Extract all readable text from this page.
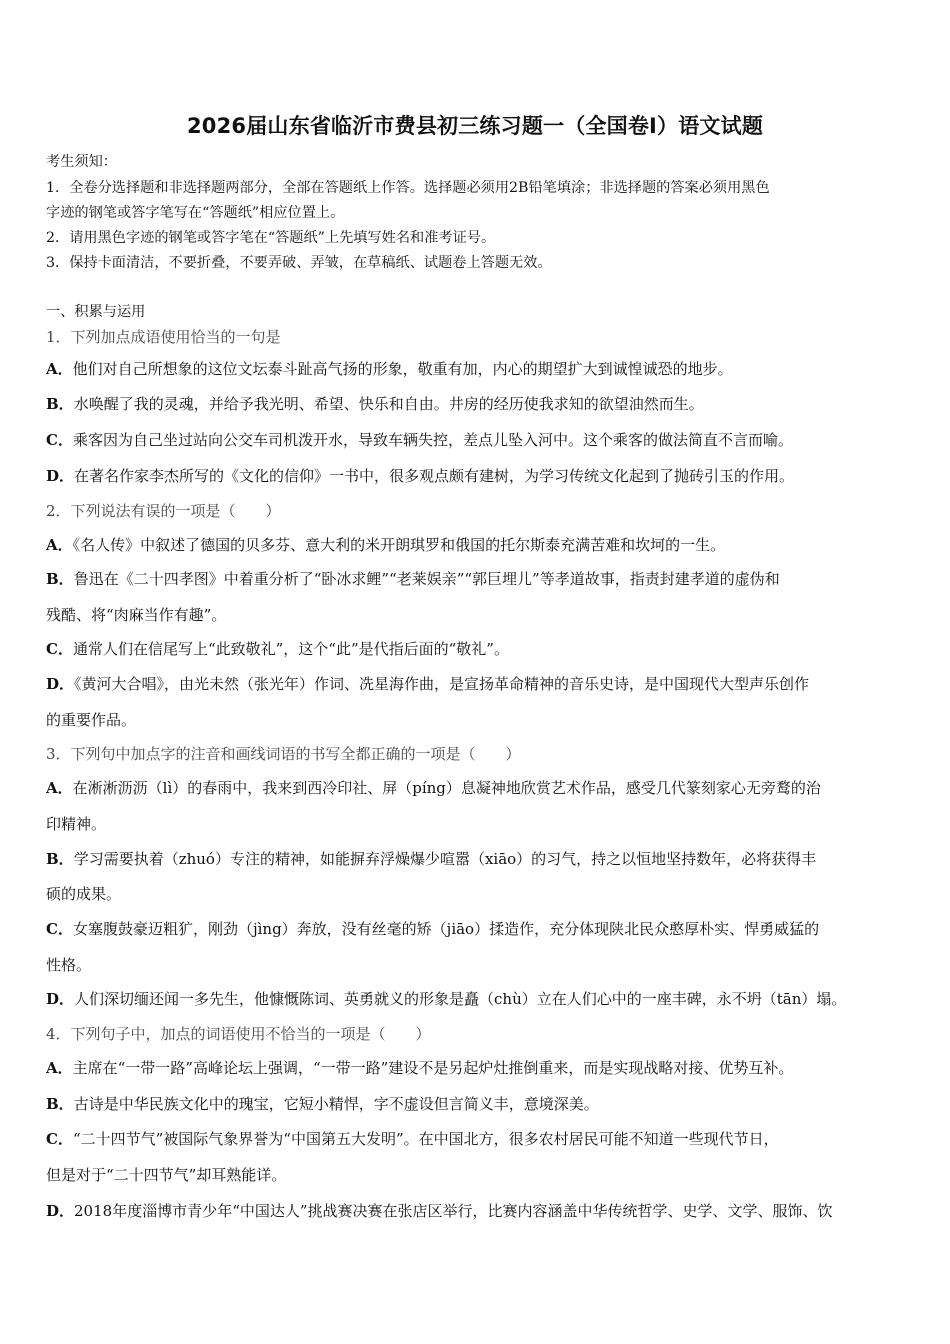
2026届山东省临沂市费县初三练习题一（全国卷Ⅰ）语文试题
考生须知：
1．全卷分选择题和非选择题两部分，全部在答题纸上作答。选择题必须用2B铅笔填涂；非选择题的答案必须用黑色
字迹的钢笔或答字笔写在“答题纸”相应位置上。
2．请用黑色字迹的钢笔或答字笔在“答题纸”上先填写姓名和准考证号。
3．保持卡面清洁，不要折叠，不要弄破、弄皱，在草稿纸、试题卷上答题无效。
一、积累与运用
1．下列加点成语使用恰当的一句是
A．他们对自己所想象的这位文坛泰斗趾高气扬的形象，敬重有加，内心的期望扩大到诚惶诚恐的地步。
B．水唤醒了我的灵魂，并给予我光明、希望、快乐和自由。井房的经历使我求知的欲望油然而生。
C．乘客因为自己坐过站向公交车司机泼开水，导致车辆失控，差点儿坠入河中。这个乘客的做法简直不言而喻。
D．在著名作家李杰所写的《文化的信仰》一书中，很多观点颇有建树，为学习传统文化起到了抛砖引玉的作用。
2．下列说法有误的一项是（　　）
A．《名人传》中叙述了德国的贝多芬、意大利的米开朗琪罗和俄国的托尔斯泰充满苦难和坎坷的一生。
B．鲁迅在《二十四孝图》中着重分析了“卧冰求鲤”“老莱娱亲”“郭巨埋儿”等孝道故事，指责封建孝道的虚伪和
残酷、将“肉麻当作有趣”。
C．通常人们在信尾写上“此致敬礼”，这个“此”是代指后面的“敬礼”。
D．《黄河大合唱》，由光未然（张光年）作词、冼星海作曲，是宣扬革命精神的音乐史诗，是中国现代大型声乐创作
的重要作品。
3．下列句中加点字的注音和画线词语的书写全都正确的一项是（　　）
A．在淅淅沥沥（lì）的春雨中，我来到西冷印社、屏（píng）息凝神地欣赏艺术作品，感受几代篆刻家心无旁鹜的治
印精神。
B．学习需要执着（zhuó）专注的精神，如能摒弃浮燥爆少喧嚣（xiāo）的习气，持之以恒地坚持数年，必将获得丰
硕的成果。
C．女塞腹鼓豪迈粗犷，刚劲（jìng）奔放，没有丝毫的矫（jiāo）揉造作，充分体现陕北民众憨厚朴实、悍勇威猛的
性格。
D．人们深切缅还闻一多先生，他慷慨陈词、英勇就义的形象是矗（chù）立在人们心中的一座丰碑，永不坍（tān）塌。
4．下列句子中，加点的词语使用不恰当的一项是（　　）
A．主席在“一带一路”高峰论坛上强调，“一带一路”建设不是另起炉灶推倒重来，而是实现战略对接、优势互补。
B．古诗是中华民族文化中的瑰宝，它短小精悍，字不虚设但言简义丰，意境深美。
C．“二十四节气”被国际气象界誉为“中国第五大发明”。在中国北方，很多农村居民可能不知道一些现代节日，
但是对于“二十四节气”却耳熟能详。
D．2018年度淄博市青少年“中国达人”挑战赛决赛在张店区举行，比赛内容涵盖中华传统哲学、史学、文学、服饰、饮
